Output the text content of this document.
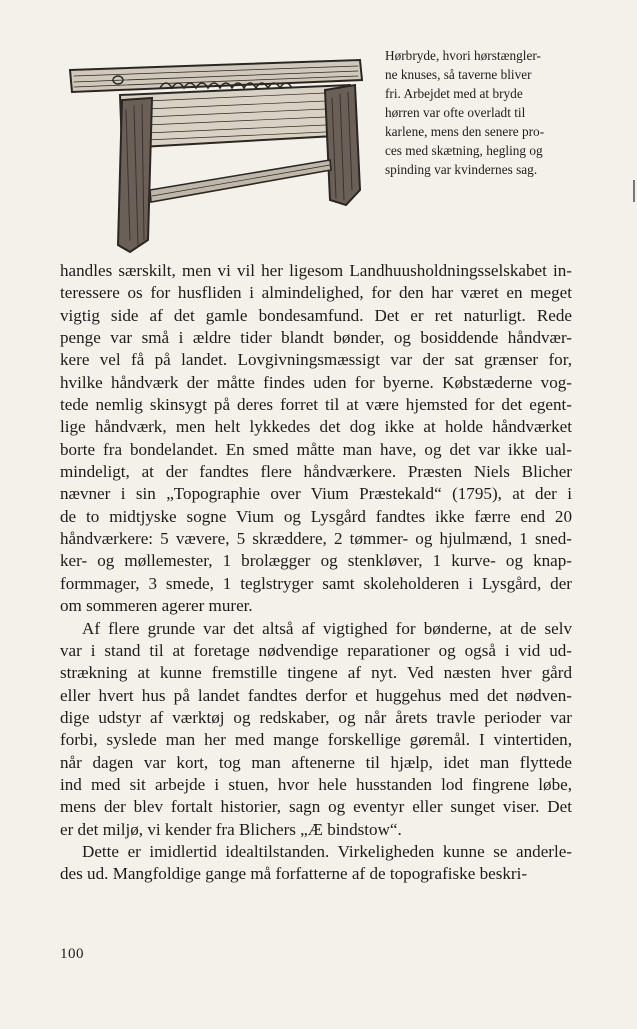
Hørbryde, hvori hørstængler-

ne knuses, så taverne bliver

fri. Arbejdet med at bryde

hørren var ofte overladt til

karlene, mens den senere pro-

ces med skætning, hegling og

spinding var kvindernes sag.

handles særskilt, men vi vil her ligesom Landhuusholdningsselskabet in-

teressere os for husfliden i almindelighed, for den har været en meget

vigtig side af det gamle bondesamfund. Det er ret naturligt. Rede

penge var små i ældre tider blandt bønder, og bosiddende håndvær-

kere vel få på landet. Lovgivningsmæssigt var der sat grænser for,

hvilke håndværk der måtte findes uden for byerne. Købstæderne vog-

tede nemlig skinsygt på deres forret til at være hjemsted for det egent-

lige håndværk, men helt lykkedes det dog ikke at holde håndværket

borte fra bondelandet. En smed måtte man have, og det var ikke ual-

mindeligt, at der fandtes flere håndværkere. Præsten Niels Blicher

nævner i sin „Topographie over Vium Præstekald“ (1795), at der i

de to midtjyske sogne Vium og Lysgård fandtes ikke færre end 20

håndværkere: 5 vævere, 5 skræddere, 2 tømmer- og hjulmænd, 1 sned-

ker- og møllemester, 1 brolægger og stenkløver, 1 kurve- og knap-

formmager, 3 smede, 1 teglstryger samt skoleholderen i Lysgård, der

om sommeren agerer murer.

Af flere grunde var det altså af vigtighed for bønderne, at de selv

var i stand til at foretage nødvendige reparationer og også i vid ud-

strækning at kunne fremstille tingene af nyt. Ved næsten hver gård

eller hvert hus på landet fandtes derfor et huggehus med det nødven-

dige udstyr af værktøj og redskaber, og når årets travle perioder var

forbi, syslede man her med mange forskellige gøremål. I vintertiden,

når dagen var kort, tog man aftenerne til hjælp, idet man flyttede

ind med sit arbejde i stuen, hvor hele husstanden lod fingrene løbe,

mens der blev fortalt historier, sagn og eventyr eller sunget viser. Det

er det miljø, vi kender fra Blichers „Æ bindstow“.

Dette er imidlertid idealtilstanden. Virkeligheden kunne se anderle-

des ud. Mangfoldige gange må forfatterne af de topografiske beskri-

100
